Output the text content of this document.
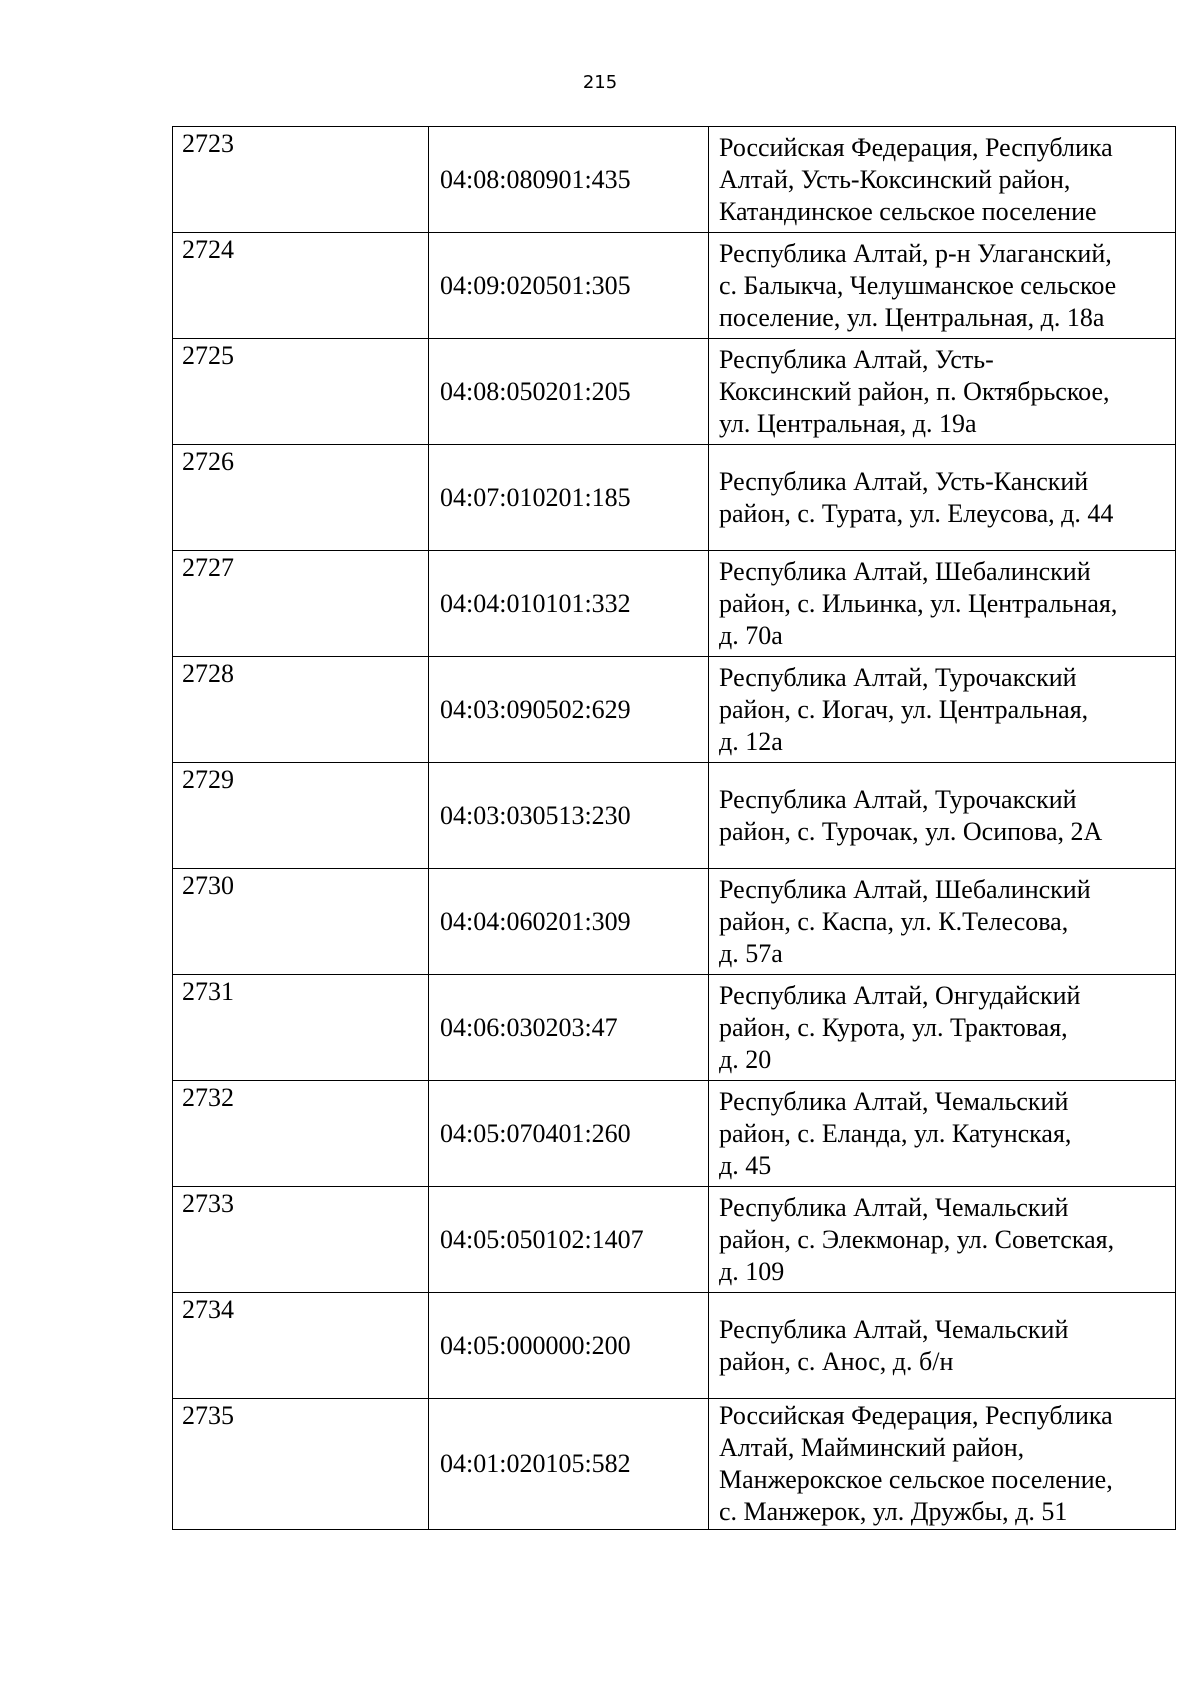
215
2723	04:08:080901:435	Российская Федерация, Республика
Алтай, Усть-Коксинский район,
Катандинское сельское поселение

2724	04:09:020501:305	Республика Алтай, р-н Улаганский,
с. Балыкча, Челушманское сельское
поселение, ул. Центральная, д. 18а

2725	04:08:050201:205	Республика Алтай, Усть-
Коксинский район, п. Октябрьское,
ул. Центральная, д. 19а

2726	04:07:010201:185	Республика Алтай, Усть-Канский
район, с. Турата, ул. Елеусова, д. 44

2727	04:04:010101:332	Республика Алтай, Шебалинский
район, с. Ильинка, ул. Центральная,
д. 70а

2728	04:03:090502:629	Республика Алтай, Турочакский
район, с. Иогач, ул. Центральная,
д. 12а

2729	04:03:030513:230	Республика Алтай, Турочакский
район, с. Турочак, ул. Осипова, 2А

2730	04:04:060201:309	Республика Алтай, Шебалинский
район, с. Каспа, ул. К.Телесова,
д. 57а

2731	04:06:030203:47	Республика Алтай, Онгудайский
район, с. Курота, ул. Трактовая,
д. 20

2732	04:05:070401:260	Республика Алтай, Чемальский
район, с. Еланда, ул. Катунская,
д. 45

2733	04:05:050102:1407	Республика Алтай, Чемальский
район, с. Элекмонар, ул. Советская,
д. 109

2734	04:05:000000:200	Республика Алтай, Чемальский
район, с. Анос, д. б/н

2735	04:01:020105:582	Российская Федерация, Республика
Алтай, Майминский район,
Манжерокское сельское поселение,
с. Манжерок, ул. Дружбы, д. 51
